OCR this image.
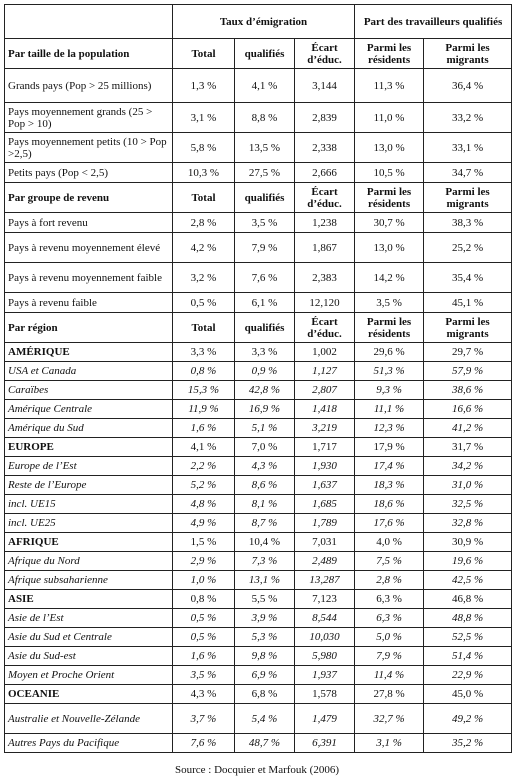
	Taux d’émigration			Part des travailleurs qualifiés	
Par taille de la population	Total	qualifiés	Écart d’éduc.	Parmi les résidents	Parmi les migrants
Grands pays (Pop > 25 millions)	1,3 %	4,1 %	3,144	11,3 %	36,4 %
Pays moyennement grands (25 > Pop > 10)	3,1 %	8,8 %	2,839	11,0 %	33,2 %
Pays moyennement petits (10 > Pop >2,5)	5,8 %	13,5 %	2,338	13,0 %	33,1 %
Petits pays (Pop < 2,5)	10,3 %	27,5 %	2,666	10,5 %	34,7 %
Par groupe de revenu	Total	qualifiés	Écart d’éduc.	Parmi les résidents	Parmi les migrants
Pays à fort revenu	2,8 %	3,5 %	1,238	30,7 %	38,3 %
Pays à revenu moyennement élevé	4,2 %	7,9 %	1,867	13,0 %	25,2 %
Pays à revenu moyennement faible	3,2 %	7,6 %	2,383	14,2 %	35,4 %
Pays à revenu faible	0,5 %	6,1 %	12,120	3,5 %	45,1 %
Par région	Total	qualifiés	Écart d’éduc.	Parmi les résidents	Parmi les migrants
AMÉRIQUE	3,3 %	3,3 %	1,002	29,6 %	29,7 %
USA et Canada	0,8 %	0,9 %	1,127	51,3 %	57,9 %
Caraïbes	15,3 %	42,8 %	2,807	9,3 %	38,6 %
Amérique Centrale	11,9 %	16,9 %	1,418	11,1 %	16,6 %
Amérique du Sud	1,6 %	5,1 %	3,219	12,3 %	41,2 %
EUROPE	4,1 %	7,0 %	1,717	17,9 %	31,7 %
Europe de l’Est	2,2 %	4,3 %	1,930	17,4 %	34,2 %
Reste de l’Europe	5,2 %	8,6 %	1,637	18,3 %	31,0 %
incl. UE15	4,8 %	8,1 %	1,685	18,6 %	32,5 %
incl. UE25	4,9 %	8,7 %	1,789	17,6 %	32,8 %
AFRIQUE	1,5 %	10,4 %	7,031	4,0 %	30,9 %
Afrique du Nord	2,9 %	7,3 %	2,489	7,5 %	19,6 %
Afrique subsaharienne	1,0 %	13,1 %	13,287	2,8 %	42,5 %
ASIE	0,8 %	5,5 %	7,123	6,3 %	46,8 %
Asie de l’Est	0,5 %	3,9 %	8,544	6,3 %	48,8 %
Asie du Sud et Centrale	0,5 %	5,3 %	10,030	5,0 %	52,5 %
Asie du Sud-est	1,6 %	9,8 %	5,980	7,9 %	51,4 %
Moyen et Proche Orient	3,5 %	6,9 %	1,937	11,4 %	22,9 %
OCEANIE	4,3 %	6,8 %	1,578	27,8 %	45,0 %
Australie et Nouvelle-Zélande	3,7 %	5,4 %	1,479	32,7 %	49,2 %
Autres Pays du Pacifique	7,6 %	48,7 %	6,391	3,1 %	35,2 %
Source : Docquier et Marfouk (2006)
